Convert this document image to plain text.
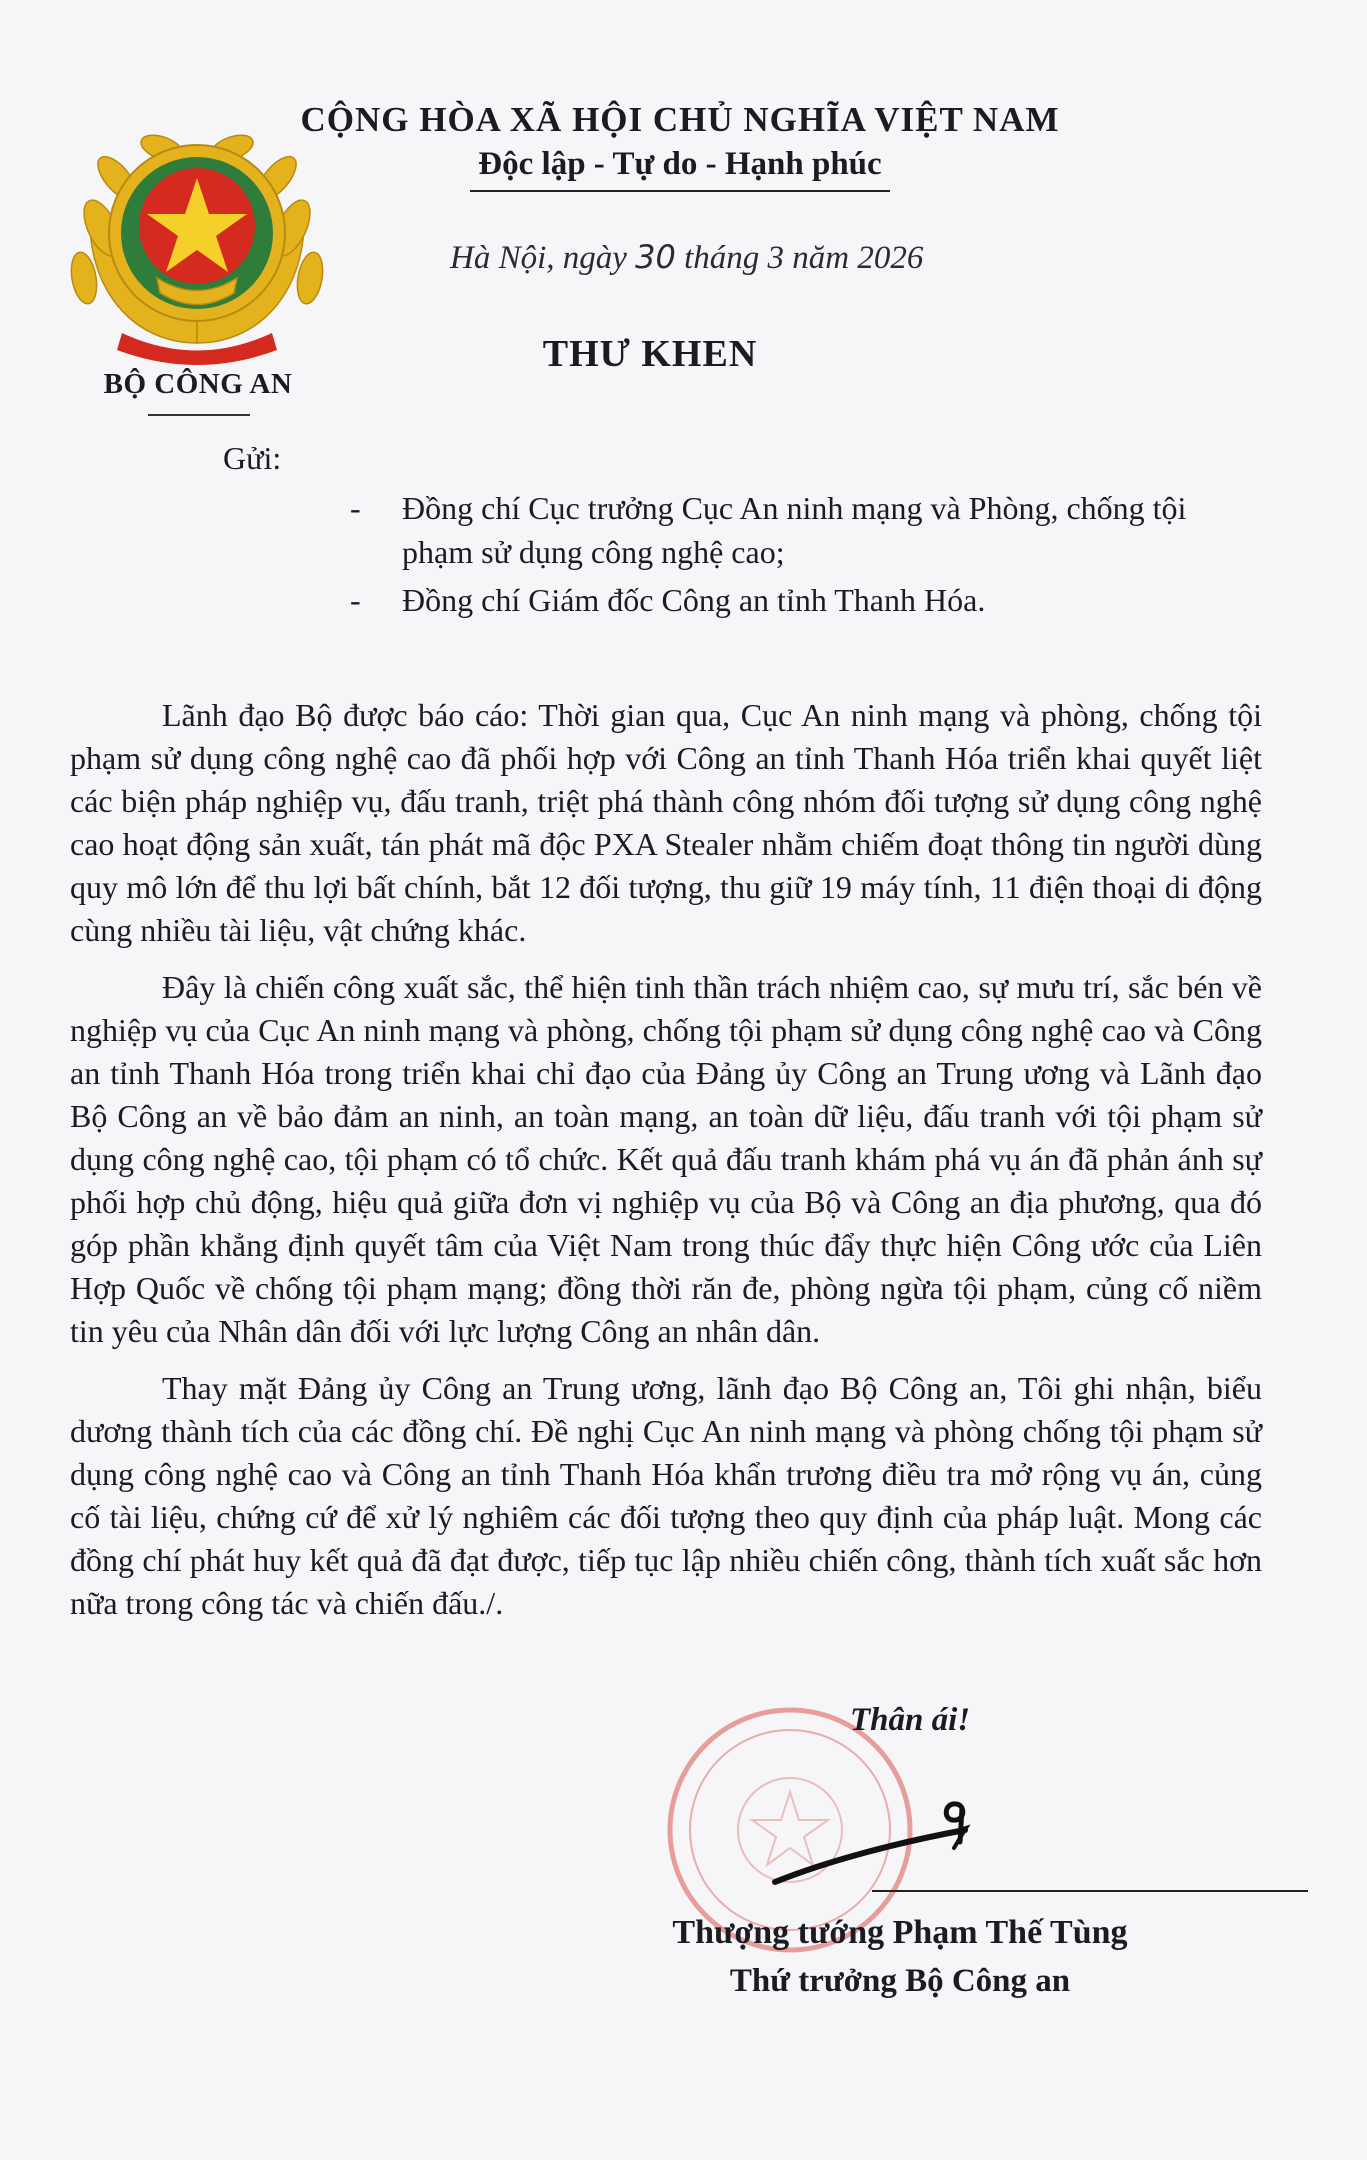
BỘ CÔNG AN
CỘNG HÒA XÃ HỘI CHỦ NGHĨA VIỆT NAM
Độc lập - Tự do - Hạnh phúc
Hà Nội, ngày 30 tháng 3 năm 2026
THƯ KHEN
Gửi:
- Đồng chí Cục trưởng Cục An ninh mạng và Phòng, chống tội phạm sử dụng công nghệ cao;
- Đồng chí Giám đốc Công an tỉnh Thanh Hóa.

Lãnh đạo Bộ được báo cáo: Thời gian qua, Cục An ninh mạng và phòng, chống tội phạm sử dụng công nghệ cao đã phối hợp với Công an tỉnh Thanh Hóa triển khai quyết liệt các biện pháp nghiệp vụ, đấu tranh, triệt phá thành công nhóm đối tượng sử dụng công nghệ cao hoạt động sản xuất, tán phát mã độc PXA Stealer nhằm chiếm đoạt thông tin người dùng quy mô lớn để thu lợi bất chính, bắt 12 đối tượng, thu giữ 19 máy tính, 11 điện thoại di động cùng nhiều tài liệu, vật chứng khác.

Đây là chiến công xuất sắc, thể hiện tinh thần trách nhiệm cao, sự mưu trí, sắc bén về nghiệp vụ của Cục An ninh mạng và phòng, chống tội phạm sử dụng công nghệ cao và Công an tỉnh Thanh Hóa trong triển khai chỉ đạo của Đảng ủy Công an Trung ương và Lãnh đạo Bộ Công an về bảo đảm an ninh, an toàn mạng, an toàn dữ liệu, đấu tranh với tội phạm sử dụng công nghệ cao, tội phạm có tổ chức. Kết quả đấu tranh khám phá vụ án đã phản ánh sự phối hợp chủ động, hiệu quả giữa đơn vị nghiệp vụ của Bộ và Công an địa phương, qua đó góp phần khẳng định quyết tâm của Việt Nam trong thúc đẩy thực hiện Công ước của Liên Hợp Quốc về chống tội phạm mạng; đồng thời răn đe, phòng ngừa tội phạm, củng cố niềm tin yêu của Nhân dân đối với lực lượng Công an nhân dân.

Thay mặt Đảng ủy Công an Trung ương, lãnh đạo Bộ Công an, Tôi ghi nhận, biểu dương thành tích của các đồng chí. Đề nghị Cục An ninh mạng và phòng chống tội phạm sử dụng công nghệ cao và Công an tỉnh Thanh Hóa khẩn trương điều tra mở rộng vụ án, củng cố tài liệu, chứng cứ để xử lý nghiêm các đối tượng theo quy định của pháp luật. Mong các đồng chí phát huy kết quả đã đạt được, tiếp tục lập nhiều chiến công, thành tích xuất sắc hơn nữa trong công tác và chiến đấu./.

Thân ái!
Thượng tướng Phạm Thế Tùng
Thứ trưởng Bộ Công an
